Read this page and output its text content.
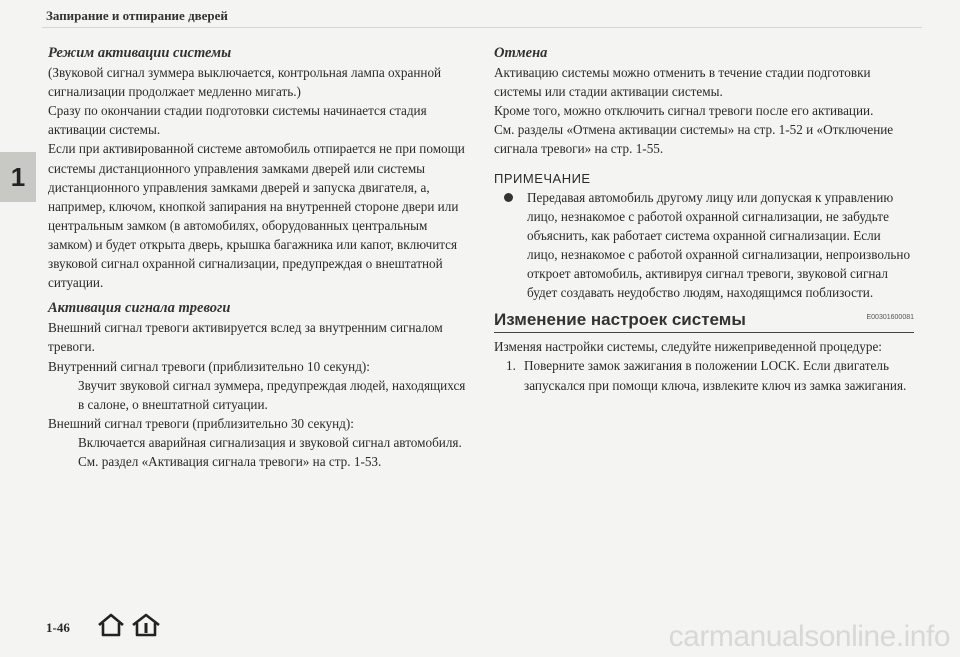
Запирание и отпирание дверей
1

Режим активации системы

(Звуковой сигнал зуммера выключается, контрольная лампа охранной сигнализации продолжает медленно мигать.)

Сразу по окончании стадии подготовки системы начинается стадия активации системы.

Если при активированной системе автомобиль отпирается не при помощи системы дистанционного управления замками дверей или системы дистанционного управления замками дверей и запуска двигателя, а, например, ключом, кнопкой запирания на внутренней стороне двери или центральным замком (в автомобилях, оборудованных центральным замком) и будет открыта дверь, крышка багажника или капот, включится звуковой сигнал охранной сигнализации, предупреждая о внештатной ситуации.

Активация сигнала тревоги

Внешний сигнал тревоги активируется вслед за внутренним сигналом тревоги.

Внутренний сигнал тревоги (приблизительно 10 секунд):

Звучит звуковой сигнал зуммера, предупреждая людей, находящихся в салоне, о внештатной ситуации.

Внешний сигнал тревоги (приблизительно 30 секунд):

Включается аварийная сигнализация и звуковой сигнал автомобиля.

См. раздел «Активация сигнала тревоги» на стр. 1-53.

Отмена

Активацию системы можно отменить в течение стадии подготовки системы или стадии активации системы.

Кроме того, можно отключить сигнал тревоги после его активации.

См. разделы «Отмена активации системы» на стр. 1-52 и «Отключение сигнала тревоги» на стр. 1-55.

ПРИМЕЧАНИЕ

Передавая автомобиль другому лицу или допуская к управлению лицо, незнакомое с работой охранной сигнализации, не забудьте объяснить, как работает система охранной сигнализации. Если лицо, незнакомое с работой охранной сигнализации, непроизвольно откроет автомобиль, активируя сигнал тревоги, звуковой сигнал будет создавать неудобство людям, находящимся поблизости.
Изменение настроек системы	E00301600081

Изменяя настройки системы, следуйте нижеприведенной процедуре:

1. Поверните замок зажигания в положении LOCK. Если двигатель запускался при помощи ключа, извлеките ключ из замка зажигания.
1-46	carmanualsonline.info
